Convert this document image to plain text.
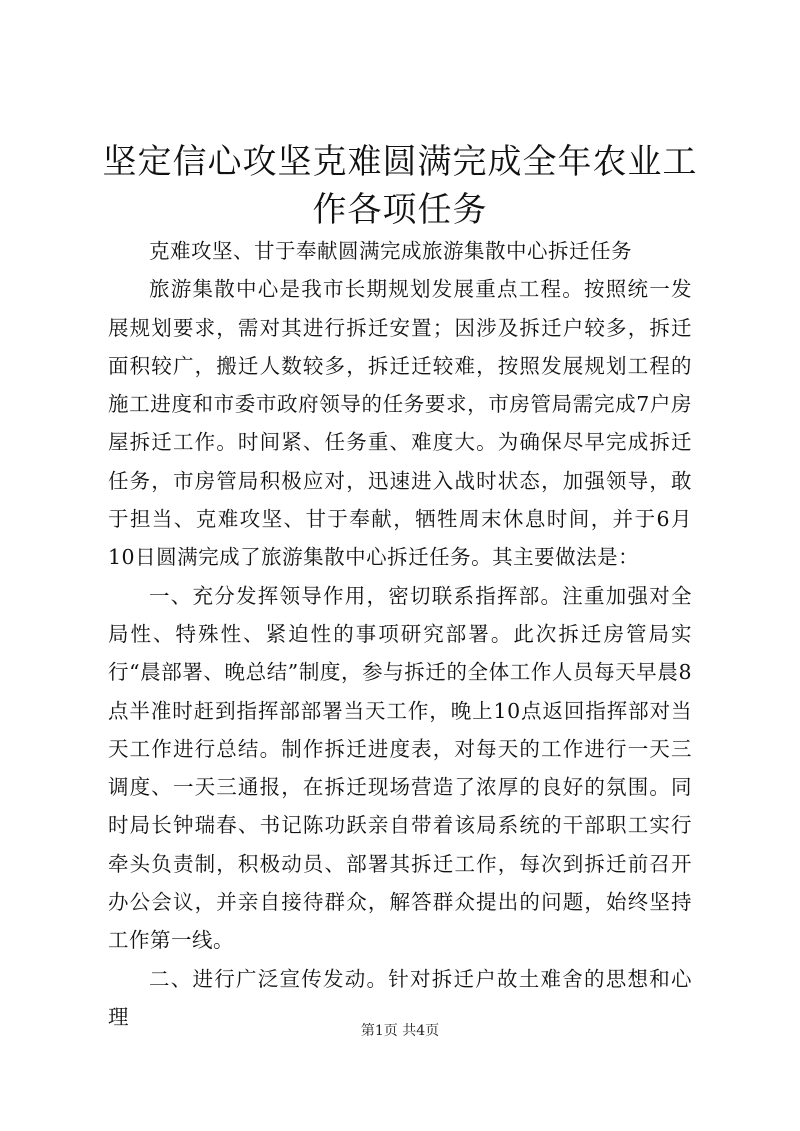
坚定信心攻坚克难圆满完成全年农业工作各项任务

克难攻坚、甘于奉献圆满完成旅游集散中心拆迁任务

旅游集散中心是我市长期规划发展重点工程。按照统一发展规划要求，需对其进行拆迁安置；因涉及拆迁户较多，拆迁面积较广，搬迁人数较多，拆迁迁较难，按照发展规划工程的施工进度和市委市政府领导的任务要求，市房管局需完成7户房屋拆迁工作。时间紧、任务重、难度大。为确保尽早完成拆迁任务，市房管局积极应对，迅速进入战时状态，加强领导，敢于担当、克难攻坚、甘于奉献，牺牲周末休息时间，并于6月10日圆满完成了旅游集散中心拆迁任务。其主要做法是：

一、充分发挥领导作用，密切联系指挥部。注重加强对全局性、特殊性、紧迫性的事项研究部署。此次拆迁房管局实行“晨部署、晚总结”制度，参与拆迁的全体工作人员每天早晨8点半准时赶到指挥部部署当天工作，晚上10点返回指挥部对当天工作进行总结。制作拆迁进度表，对每天的工作进行一天三调度、一天三通报，在拆迁现场营造了浓厚的良好的氛围。同时局长钟瑞春、书记陈功跃亲自带着该局系统的干部职工实行牵头负责制，积极动员、部署其拆迁工作，每次到拆迁前召开办公会议，并亲自接待群众，解答群众提出的问题，始终坚持工作第一线。

二、进行广泛宣传发动。针对拆迁户故土难舍的思想和心理

第1页 共4页
